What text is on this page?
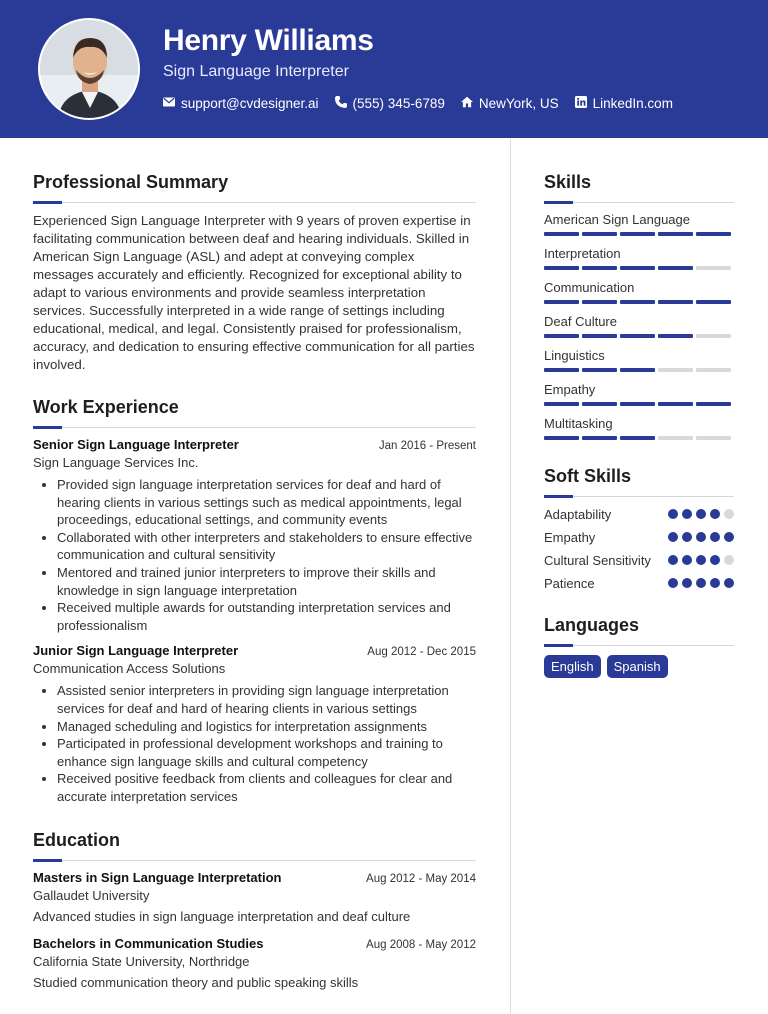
Henry Williams
Sign Language Interpreter
support@cvdesigner.ai	(555) 345-6789	NewYork, US	LinkedIn.com
Professional Summary

Experienced Sign Language Interpreter with 9 years of proven expertise in facilitating communication between deaf and hearing individuals. Skilled in American Sign Language (ASL) and adept at conveying complex messages accurately and efficiently. Recognized for exceptional ability to adapt to various environments and provide seamless interpretation services. Successfully interpreted in a wide range of settings including educational, medical, and legal. Consistently praised for professionalism, accuracy, and dedication to ensuring effective communication for all parties involved.

Work Experience
Senior Sign Language Interpreter	Jan 2016 - Present
Sign Language Services Inc.
• Provided sign language interpretation services for deaf and hard of hearing clients in various settings such as medical appointments, legal proceedings, educational settings, and community events
• Collaborated with other interpreters and stakeholders to ensure effective communication and cultural sensitivity
• Mentored and trained junior interpreters to improve their skills and knowledge in sign language interpretation
• Received multiple awards for outstanding interpretation services and professionalism
Junior Sign Language Interpreter	Aug 2012 - Dec 2015
Communication Access Solutions
• Assisted senior interpreters in providing sign language interpretation services for deaf and hard of hearing clients in various settings
• Managed scheduling and logistics for interpretation assignments
• Participated in professional development workshops and training to enhance sign language skills and cultural competency
• Received positive feedback from clients and colleagues for clear and accurate interpretation services
Education
Masters in Sign Language Interpretation	Aug 2012 - May 2014
Gallaudet University
Advanced studies in sign language interpretation and deaf culture
Bachelors in Communication Studies	Aug 2008 - May 2012
California State University, Northridge
Studied communication theory and public speaking skills
Skills
American Sign Language
Interpretation
Communication
Deaf Culture
Linguistics
Empathy
Multitasking
Soft Skills
Adaptability
Empathy
Cultural Sensitivity
Patience
Languages
English	Spanish
